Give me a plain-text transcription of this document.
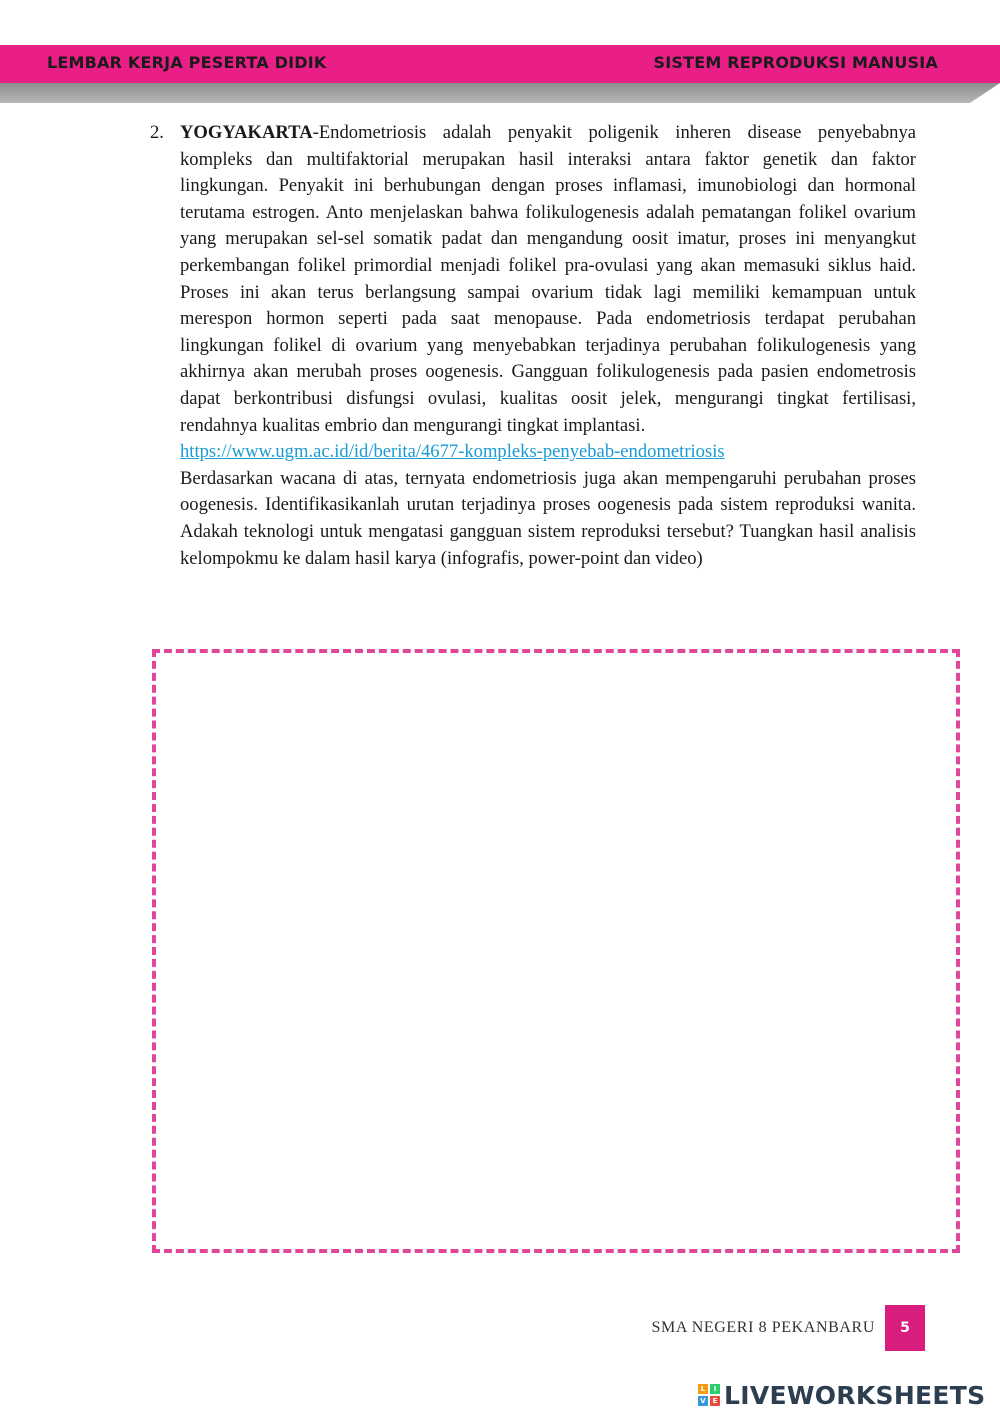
LEMBAR KERJA PESERTA DIDIK	SISTEM REPRODUKSI MANUSIA
2. YOGYAKARTA-Endometriosis adalah penyakit poligenik inheren disease penyebabnya kompleks dan multifaktorial merupakan hasil interaksi antara faktor genetik dan faktor lingkungan. Penyakit ini berhubungan dengan proses inflamasi, imunobiologi dan hormonal terutama estrogen. Anto menjelaskan bahwa folikulogenesis adalah pematangan folikel ovarium yang merupakan sel-sel somatik padat dan mengandung oosit imatur, proses ini menyangkut perkembangan folikel primordial menjadi folikel pra-ovulasi yang akan memasuki siklus haid. Proses ini akan terus berlangsung sampai ovarium tidak lagi memiliki kemampuan untuk merespon hormon seperti pada saat menopause. Pada endometriosis terdapat perubahan lingkungan folikel di ovarium yang menyebabkan terjadinya perubahan folikulogenesis yang akhirnya akan merubah proses oogenesis. Gangguan folikulogenesis pada pasien endometrosis dapat berkontribusi disfungsi ovulasi, kualitas oosit jelek, mengurangi tingkat fertilisasi, rendahnya kualitas embrio dan mengurangi tingkat implantasi.

https://www.ugm.ac.id/id/berita/4677-kompleks-penyebab-endometriosis

Berdasarkan wacana di atas, ternyata endometriosis juga akan mempengaruhi perubahan proses oogenesis. Identifikasikanlah urutan terjadinya proses oogenesis pada sistem reproduksi wanita. Adakah teknologi untuk mengatasi gangguan sistem reproduksi tersebut? Tuangkan hasil analisis kelompokmu ke dalam hasil karya (infografis, power-point dan video)

SMA NEGERI 8 PEKANBARU	5
L	I
V E LIVEWORKSHEETS
